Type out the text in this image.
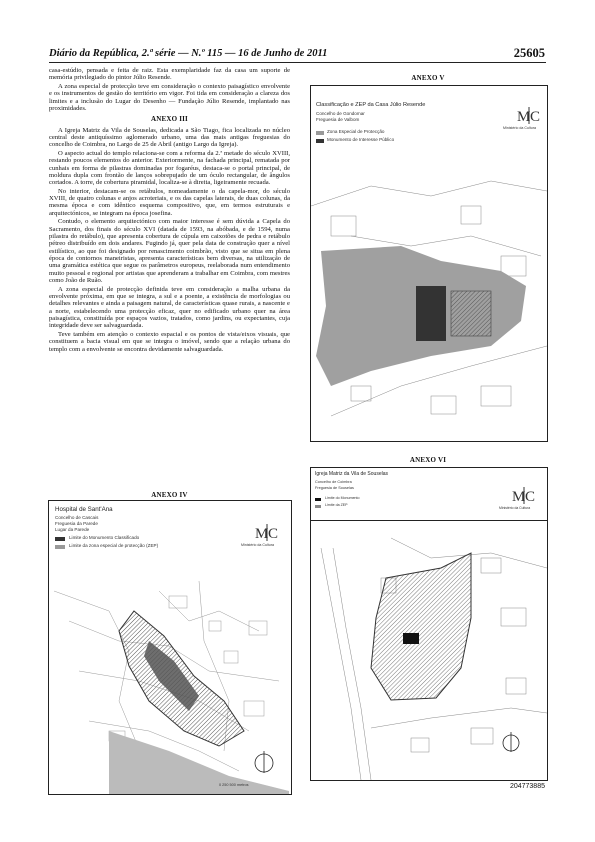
Diário da República, 2.ª série — N.º 115 — 16 de Junho de 2011	25605

casa-estúdio, pensada e feita de raiz. Esta exemplaridade faz da casa um suporte de memória privilegiado do pintor Júlio Resende.

A zona especial de protecção teve em consideração o contexto paisagístico envolvente e os instrumentos de gestão do território em vigor. Foi tida em consideração a clareza dos limites e a inclusão do Lugar do Desenho — Fundação Júlio Resende, implantado nas proximidades.

ANEXO III

A Igreja Matriz da Vila de Souselas, dedicada a São Tiago, fica localizada no núcleo central deste antiquíssimo aglomerado urbano, uma das mais antigas freguesias do concelho de Coimbra, no Largo de 25 de Abril (antigo Largo da Igreja).

O aspecto actual do templo relaciona-se com a reforma da 2.ª metade do século XVIII, restando poucos elementos do anterior. Exteriormente, na fachada principal, rematada por cunhais em forma de pilastras dominadas por fogaréus, destaca-se o portal principal, de moldura dupla com frontão de lanços sobrepujado de um óculo rectangular, de ângulos cortados. A torre, de cobertura piramidal, localiza-se à direita, ligeiramente recuada.

No interior, destacam-se os retábulos, nomeadamente o da capela-mor, do século XVIII, de quatro colunas e anjos acroteriais, e os das capelas laterais, de duas colunas, da mesma época e com idêntico esquema compositivo, que, em termos estruturais e arquitectónicos, se integram na época josefina.

Contudo, o elemento arquitectónico com maior interesse é sem dúvida a Capela do Sacramento, dos finais do século XVI (datada de 1593, na abóbada, e de 1594, numa pilastra do retábulo), que apresenta cobertura de cúpula em caixotões de pedra e retábulo pétreo distribuído em dois andares. Fugindo já, quer pela data de construção quer a nível estilístico, ao que foi designado por renascimento coimbrão, visto que se situa em plena época de contornos maneiristas, apresenta características bem diversas, na utilização de uma gramática estética que segue os parâmetros europeus, reelaborada num entendimento muito pessoal e regional por artistas que aprenderam a trabalhar em Coimbra, com mestres como João de Ruão.

A zona especial de protecção definida teve em consideração a malha urbana da envolvente próxima, em que se integra, a sul e a poente, a existência de morfologias ou detalhes relevantes e ainda a paisagem natural, de características quase rurais, a nascente e a norte, estabelecendo uma protecção eficaz, quer no edificado urbano quer na área paisagística, constituída por espaços vazios, tratados, como jardins, ou expectantes, cuja integridade deve ser salvaguardada.

Teve também em atenção o contexto espacial e os pontos de vista/eixos visuais, que constituem a bacia visual em que se integra o imóvel, sendo que a relação urbana do templo com a envolvente se encontra devidamente salvaguardada.

ANEXO IV
Hospital de Sant'Ana
Concelho de Cascais
Freguesia da Parede
Lugar da Parede
Limite do Monumento Classificado
Limite da zona especial de protecção (ZEP)
M C
Ministério da Cultura
0 250 500 metros
ANEXO V
Classificação e ZEP da Casa Júlio Resende
Concelho de Gondomar
Freguesia de Valbom
Zona Especial de Protecção
Monumento de Interesse Público
M C
Ministério da Cultura
ANEXO VI
Igreja Matriz da Vila de Souselas
Concelho de Coimbra
Freguesia de Souselas
Limite do Monumento
Limite da ZEP	M C
Ministério da Cultura
204773885
